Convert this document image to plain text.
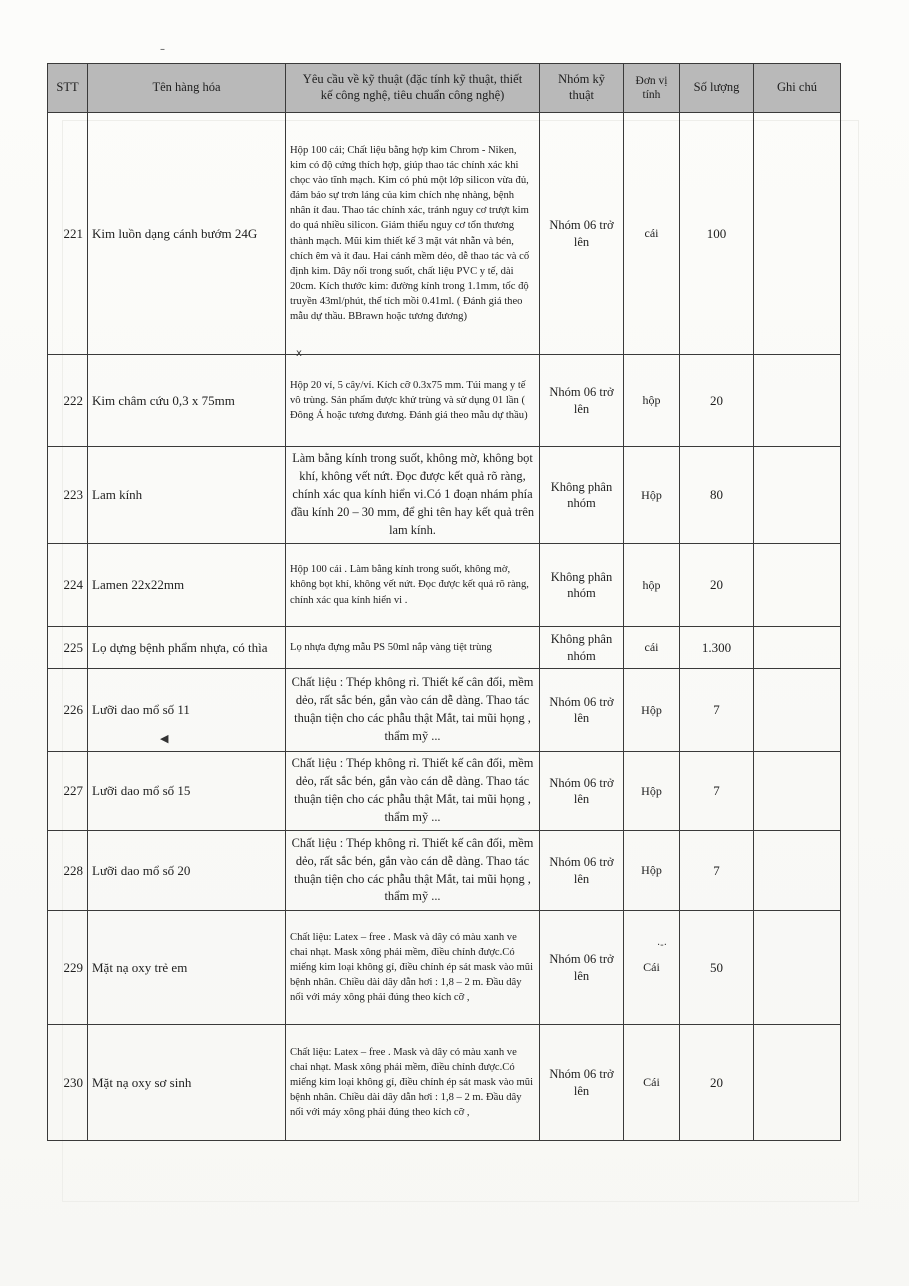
STT	Tên hàng hóa	Yêu cầu về kỹ thuật (đặc tính kỹ thuật, thiết kế công nghệ, tiêu chuẩn công nghệ)	Nhóm kỹ thuật	Đơn vị tính	Số lượng	Ghi chú
221	Kim luồn dạng cánh bướm 24G	Hộp 100 cái; Chất liệu bằng hợp kim Chrom - Niken, kim có độ cứng thích hợp, giúp thao tác chính xác khi chọc vào tĩnh mạch. Kim có phủ một lớp silicon vừa đủ, đảm bảo sự trơn láng của kim chích nhẹ nhàng, bệnh nhân ít đau. Thao tác chính xác, tránh nguy cơ trượt kim do quá nhiều silicon. Giảm thiểu nguy cơ tổn thương thành mạch. Mũi kim thiết kế 3 mặt vát nhẵn và bén, chích êm và ít đau. Hai cánh mềm dẻo, dễ thao tác và cố định kim. Dây nối trong suốt, chất liệu PVC y tế, dài 20cm. Kích thước kim: đường kính trong 1.1mm, tốc độ truyền 43ml/phút, thể tích mồi 0.41ml. ( Đánh giá theo mẫu dự thầu. BBrawn hoặc tương đương)	Nhóm 06 trở lên	cái	100	
222	Kim châm cứu 0,3 x 75mm	Hộp 20 vỉ, 5 cây/vỉ. Kích cỡ 0.3x75 mm. Túi mang y tế vô trùng. Sản phẩm được khử trùng và sử dụng 01 lần ( Đông Á hoặc tương đương. Đánh giá theo mẫu dự thầu)	Nhóm 06 trở lên	hộp	20	
223	Lam kính	Làm bằng kính trong suốt, không mờ, không bọt khí, không vết nứt. Đọc được kết quả rõ ràng, chính xác qua kính hiển vi.Có 1 đoạn nhám phía đầu kính 20 – 30 mm, để ghi tên hay kết quả trên lam kính.	Không phân nhóm	Hộp	80	
224	Lamen 22x22mm	Hộp 100 cái . Làm bằng kính trong suốt, không mờ, không bọt khí, không vết nứt. Đọc được kết quả rõ ràng, chính xác qua kính hiển vi .	Không phân nhóm	hộp	20	
225	Lọ dựng bệnh phẩm nhựa, có thìa	Lọ nhựa đựng mẫu PS 50ml nắp vàng tiệt trùng	Không phân nhóm	cái	1.300	
226	Lưỡi dao mổ số 11	Chất liệu : Thép không rỉ. Thiết kế cân đối, mềm dẻo, rất sắc bén, gắn vào cán dễ dàng. Thao tác thuận tiện cho các phẫu thật Mắt, tai mũi họng , thẩm mỹ ...	Nhóm 06 trở lên	Hộp	7	
227	Lưỡi dao mổ số 15	Chất liệu : Thép không rỉ. Thiết kế cân đối, mềm dẻo, rất sắc bén, gắn vào cán dễ dàng. Thao tác thuận tiện cho các phẫu thật Mắt, tai mũi họng , thẩm mỹ ...	Nhóm 06 trở lên	Hộp	7	
228	Lưỡi dao mổ số 20	Chất liệu : Thép không rỉ. Thiết kế cân đối, mềm dẻo, rất sắc bén, gắn vào cán dễ dàng. Thao tác thuận tiện cho các phẫu thật Mắt, tai mũi họng , thẩm mỹ ...	Nhóm 06 trở lên	Hộp	7	
229	Mặt nạ oxy trẻ em	Chất liệu: Latex – free . Mask và dây có màu xanh ve chai nhạt. Mask xông phải mềm, điều chỉnh được.Có miếng kim loại không gỉ, điều chỉnh ép sát mask vào mũi bệnh nhân. Chiều dài dây dẫn hơi : 1,8 – 2 m. Đầu dây nối với máy xông phải đúng theo kích cỡ ,	Nhóm 06 trở lên	Cái	50	
230	Mặt nạ oxy sơ sinh	Chất liệu: Latex – free . Mask và dây có màu xanh ve chai nhạt. Mask xông phải mềm, điều chỉnh được.Có miếng kim loại không gỉ, điều chỉnh ép sát mask vào mũi bệnh nhân. Chiều dài dây dẫn hơi : 1,8 – 2 m. Đầu dây nối với máy xông phải đúng theo kích cỡ ,	Nhóm 06 trở lên	Cái	20	
–
x
◀
·-·
